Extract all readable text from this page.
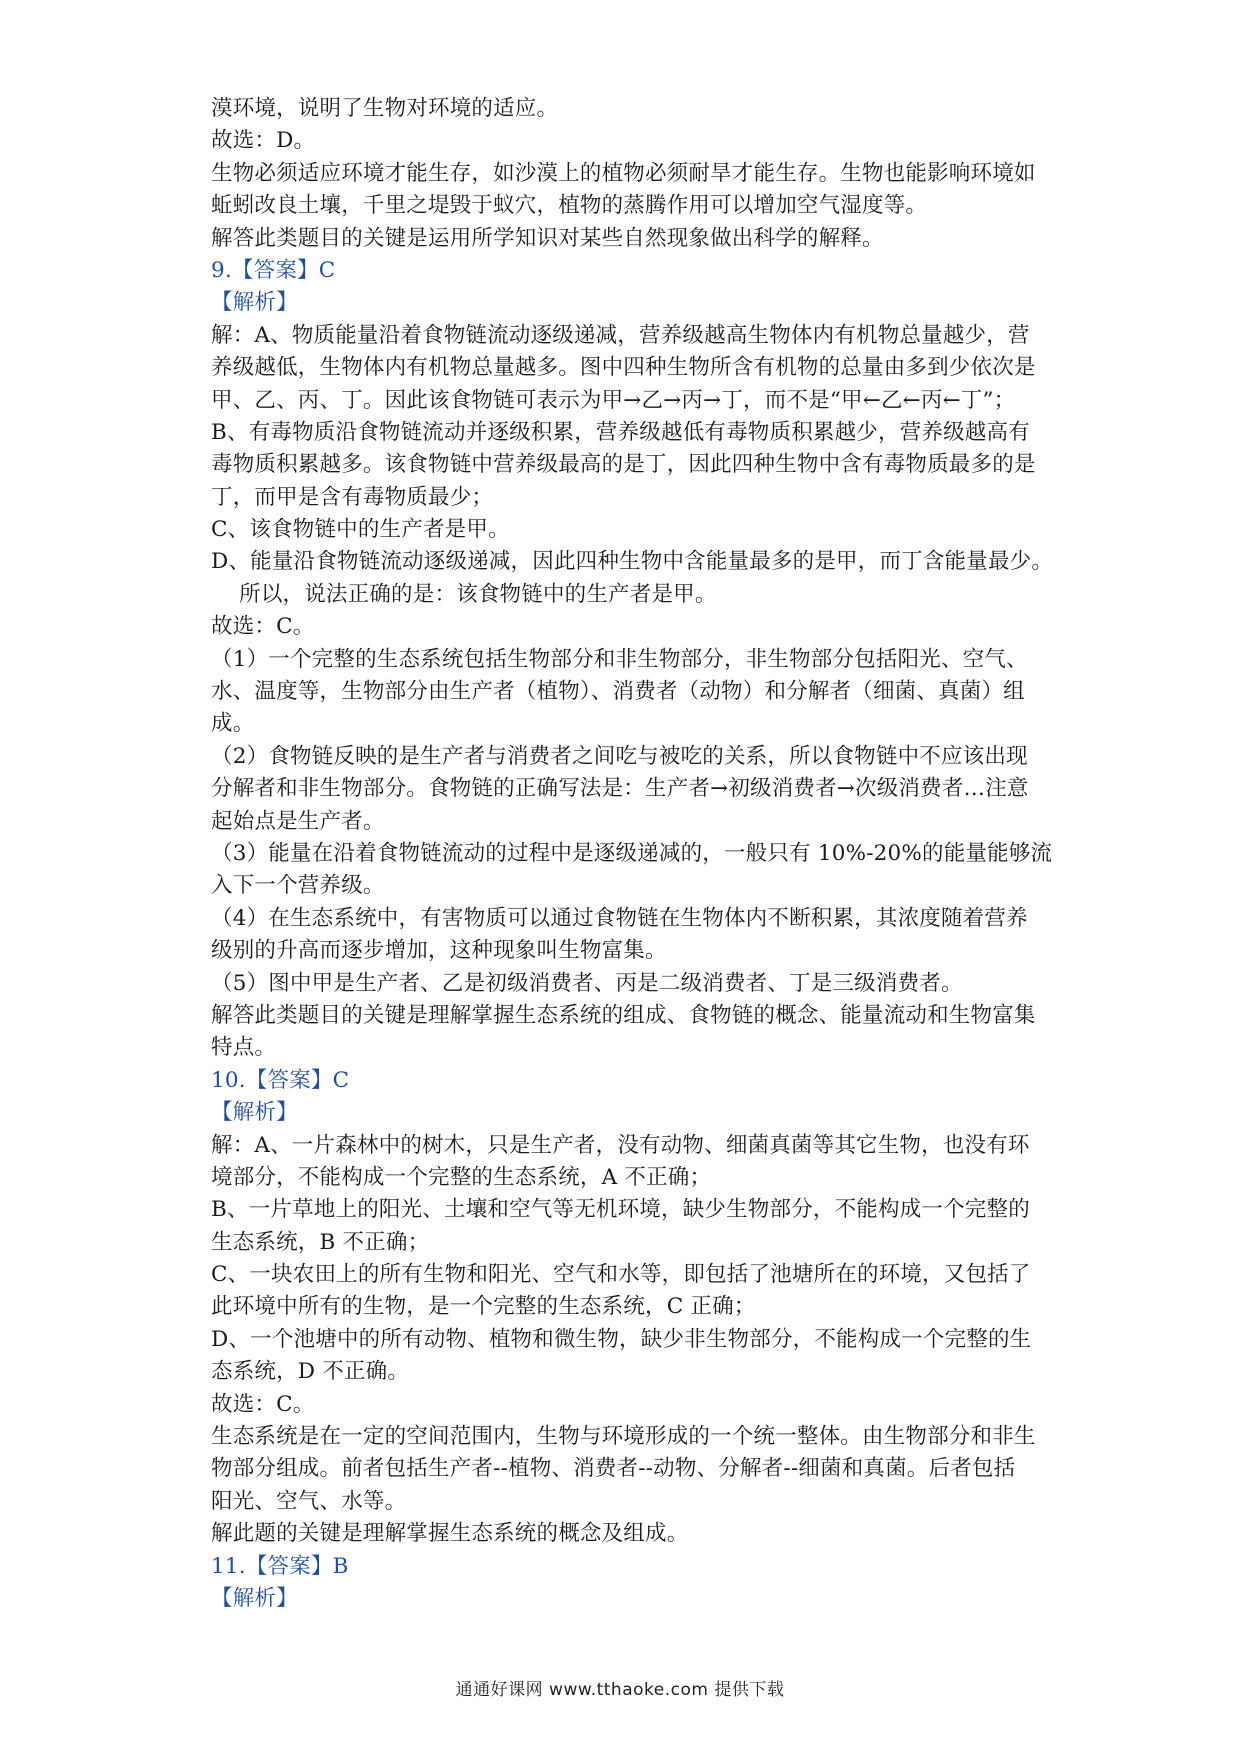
漠环境，说明了生物对环境的适应。
故选：D。
生物必须适应环境才能生存，如沙漠上的植物必须耐旱才能生存。生物也能影响环境如
蚯蚓改良土壤，千里之堤毁于蚁穴，植物的蒸腾作用可以增加空气湿度等。
解答此类题目的关键是运用所学知识对某些自然现象做出科学的解释。
9.【答案】C
【解析】
解：A、物质能量沿着食物链流动逐级递减，营养级越高生物体内有机物总量越少，营
养级越低，生物体内有机物总量越多。图中四种生物所含有机物的总量由多到少依次是
甲、乙、丙、丁。因此该食物链可表示为甲→乙→丙→丁，而不是“甲←乙←丙←丁”；
B、有毒物质沿食物链流动并逐级积累，营养级越低有毒物质积累越少，营养级越高有
毒物质积累越多。该食物链中营养级最高的是丁，因此四种生物中含有毒物质最多的是
丁，而甲是含有毒物质最少；
C、该食物链中的生产者是甲。
D、能量沿食物链流动逐级递减，因此四种生物中含能量最多的是甲，而丁含能量最少。
所以，说法正确的是：该食物链中的生产者是甲。
故选：C。
（1）一个完整的生态系统包括生物部分和非生物部分，非生物部分包括阳光、空气、
水、温度等，生物部分由生产者（植物）、消费者（动物）和分解者（细菌、真菌）组
成。
（2）食物链反映的是生产者与消费者之间吃与被吃的关系，所以食物链中不应该出现
分解者和非生物部分。食物链的正确写法是：生产者→初级消费者→次级消费者…注意
起始点是生产者。
（3）能量在沿着食物链流动的过程中是逐级递减的，一般只有 10%-20%的能量能够流
入下一个营养级。
（4）在生态系统中，有害物质可以通过食物链在生物体内不断积累，其浓度随着营养
级别的升高而逐步增加，这种现象叫生物富集。
（5）图中甲是生产者、乙是初级消费者、丙是二级消费者、丁是三级消费者。
解答此类题目的关键是理解掌握生态系统的组成、食物链的概念、能量流动和生物富集
特点。
10.【答案】C
【解析】
解：A、一片森林中的树木，只是生产者，没有动物、细菌真菌等其它生物，也没有环
境部分，不能构成一个完整的生态系统，A 不正确；
B、一片草地上的阳光、土壤和空气等无机环境，缺少生物部分，不能构成一个完整的
生态系统，B 不正确；
C、一块农田上的所有生物和阳光、空气和水等，即包括了池塘所在的环境，又包括了
此环境中所有的生物，是一个完整的生态系统，C 正确；
D、一个池塘中的所有动物、植物和微生物，缺少非生物部分，不能构成一个完整的生
态系统，D 不正确。
故选：C。
生态系统是在一定的空间范围内，生物与环境形成的一个统一整体。由生物部分和非生
物部分组成。前者包括生产者--植物、消费者--动物、分解者--细菌和真菌。后者包括
阳光、空气、水等。
解此题的关键是理解掌握生态系统的概念及组成。
11.【答案】B
【解析】
通通好课网 www.tthaoke.com 提供下载
